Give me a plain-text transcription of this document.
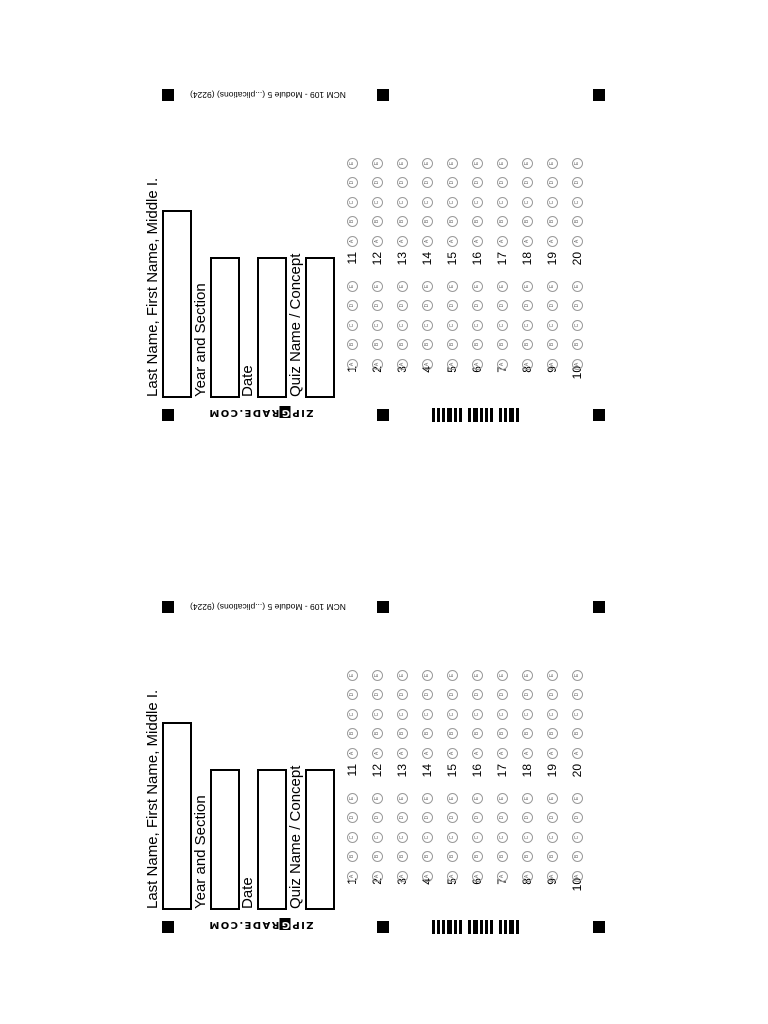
NCM 109 - Module 5 (...plications) (9224)
Last Name, First Name, Middle I. Year and Section Date Quiz Name / Concept
ZIPGRADE.COM
1
A
B
C
D
E
2
A
B
C
D
E
3
A
B
C
D
E
4
A
B
C
D
E
5
A
B
C
D
E
6
A
B
C
D
E
7
A
B
C
D
E
8
A
B
C
D
E
9
A
B
C
D
E
10
A
B
C
D
E
11
A
B
C
D
E
12
A
B
C
D
E
13
A
B
C
D
E
14
A
B
C
D
E
15
A
B
C
D
E
16
A
B
C
D
E
17
A
B
C
D
E
18
A
B
C
D
E
19
A
B
C
D
E
20
A
B
C
D
E
NCM 109 - Module 5 (...plications) (9224)
Last Name, First Name, Middle I. Year and Section Date Quiz Name / Concept
ZIPGRADE.COM
1
A
B
C
D
E
2
A
B
C
D
E
3
A
B
C
D
E
4
A
B
C
D
E
5
A
B
C
D
E
6
A
B
C
D
E
7
A
B
C
D
E
8
A
B
C
D
E
9
A
B
C
D
E
10
A
B
C
D
E
11
A
B
C
D
E
12
A
B
C
D
E
13
A
B
C
D
E
14
A
B
C
D
E
15
A
B
C
D
E
16
A
B
C
D
E
17
A
B
C
D
E
18
A
B
C
D
E
19
A
B
C
D
E
20
A
B
C
D
E
